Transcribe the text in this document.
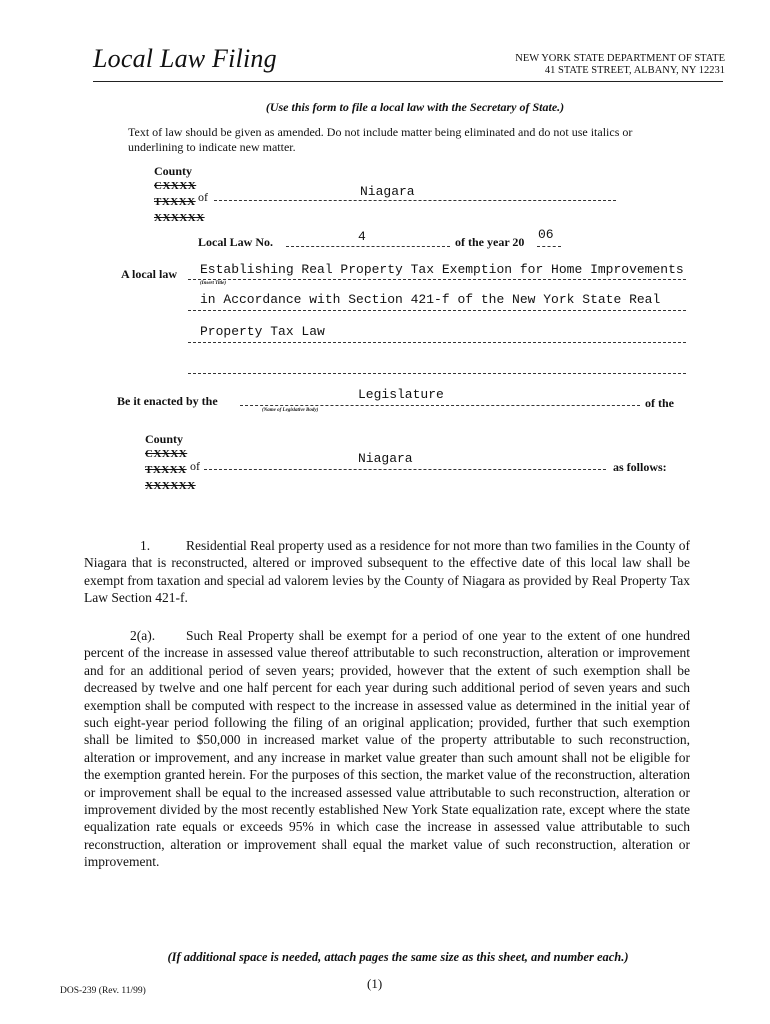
Local Law Filing	NEW YORK STATE DEPARTMENT OF STATE
41 STATE STREET, ALBANY, NY 12231
(Use this form to file a local law with the Secretary of State.)
Text of law should be given as amended. Do not include matter being eliminated and do not use italics or underlining to indicate new matter.
County
CXXXX
TXXXX
XXXXXX
of	Niagara
Local Law No.	4	of the year 20 06
A local law
(Insert Title)
Establishing Real Property Tax Exemption for Home Improvements
in Accordance with Section 421-f of the New York State Real
Property Tax Law
Be it enacted by the	Legislature
(Name of Legislative Body)
of the
County
CXXXX
TXXXX
XXXXXX
of	Niagara
as follows:
1.	Residential Real property used as a residence for not more than two families in the County of Niagara that is reconstructed, altered or improved subsequent to the effective date of this local law shall be exempt from taxation and special ad valorem levies by the County of Niagara as provided by Real Property Tax Law Section 421-f.
2(a). Such Real Property shall be exempt for a period of one year to the extent of one hundred percent of the increase in assessed value thereof attributable to such reconstruction, alteration or improvement and for an additional period of seven years; provided, however that the extent of such exemption shall be decreased by twelve and one half percent for each year during such additional period of seven years and such exemption shall be computed with respect to the increase in assessed value as determined in the initial year of such eight-year period following the filing of an original application; provided, further that such exemption shall be limited to $50,000 in increased market value of the property attributable to such reconstruction, alteration or improvement, and any increase in market value greater than such amount shall not be eligible for the exemption granted herein. For the purposes of this section, the market value of the reconstruction, alteration or improvement shall be equal to the increased assessed value attributable to such reconstruction, alteration or improvement divided by the most recently established New York State equalization rate, except where the state equalization rate equals or exceeds 95% in which case the increase in assessed value attributable to such reconstruction, alteration or improvement shall equal the market value of such reconstruction, alteration or improvement.
(If additional space is needed, attach pages the same size as this sheet, and number each.)
(1)
DOS-239 (Rev. 11/99)
